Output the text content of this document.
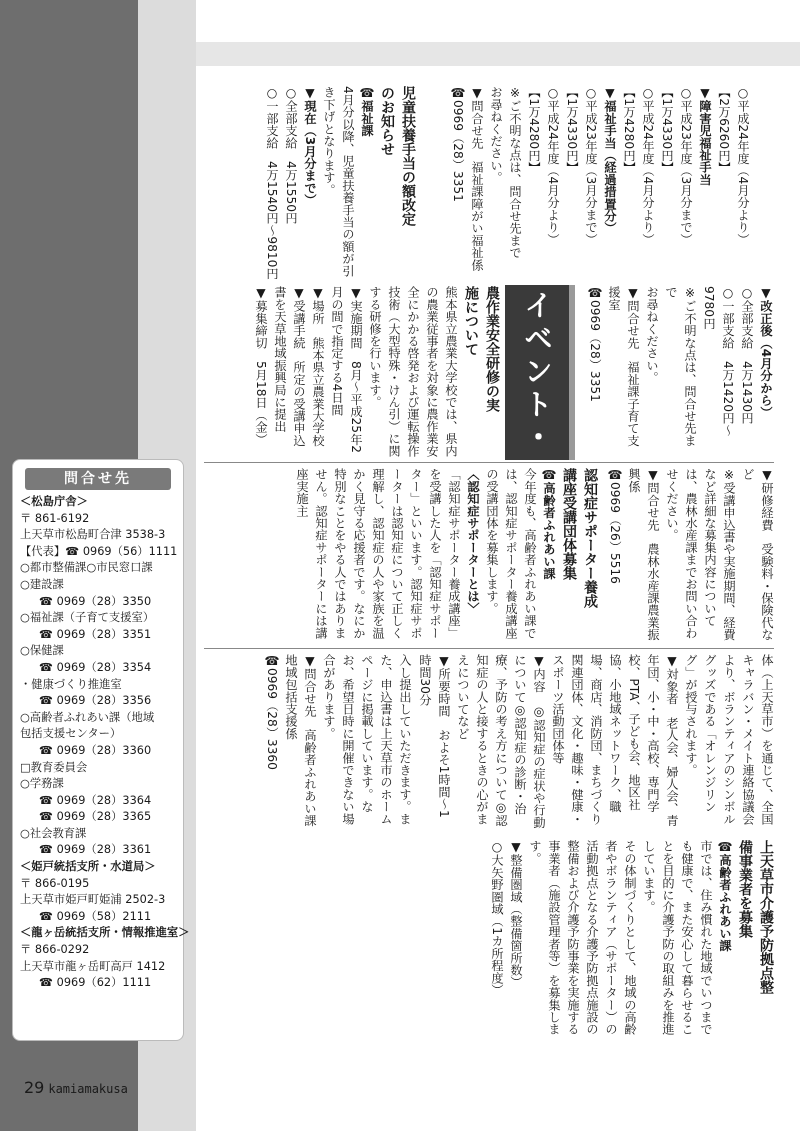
○平成24年度（4月分より）

【2万6260円】

▼障害児福祉手当

○平成23年度（3月分まで）

【1万4330円】

○平成24年度（4月分より）

【1万4280円】

▼福祉手当（経過措置分）

○平成23年度（3月分まで）

【1万4330円】

○平成24年度（4月分より）

【1万4280円】

※ご不明な点は、問合せ先まで

お尋ねください。

▼問合せ先　福祉課障がい福祉係

☎0969（28）3351

児童扶養手当の額改定

のお知らせ

☎福祉課

4月分以降、児童扶養手当の額が引き下げとなります。

▼現在（3月分まで）

○全部支給　4万1550円

○一部支給　4万1540円～9810円

▼改正後（4月分から）

○全部支給　4万1430円

○一部支給　4万1420円～9780円

※ご不明な点は、問合せ先まで

お尋ねください。

▼問合せ先　福祉課子育て支援室

☎0969（28）3351

イベント・募集

農作業安全研修の実

施について

熊本県立農業大学校では、県内の農業従事者を対象に農作業安全にかかる啓発および運転操作技術（大型特殊・けん引）に関する研修を行います。

▼実施期間　8月～平成25年2月の間で指定する4日間

▼場所　熊本県立農業大学校

▼受講手続　所定の受講申込書を天草地域振興局に提出

▼募集締切　5月18日（金）

▼研修経費　受験料・保険代など

※受講申込書や実施期間、経費など詳細な募集内容については、農林水産課までお問い合わせください。

▼問合せ先　農林水産課農業振興係

☎0969（26）5516

認知症サポーター養成

講座受講団体募集

☎高齢者ふれあい課

今年度も、高齢者ふれあい課では、認知症サポーター養成講座の受講団体を募集します。

〈認知症サポーターとは〉

「認知症サポーター養成講座」を受講した人を「認知症サポーター」といいます。認知症サポーターは認知症について正しく理解し、認知症の人や家族を温かく見守る応援者です。なにか特別なことをやる人ではありません。認知症サポーターには講座実施主

体（上天草市）を通じて、全国キャラバン・メイト連絡協議会より、ボランティアのシンボルグッズである「オレンジリング」が授与されます。

▼対象者　老人会、婦人会、青年団、小・中・高校、専門学校、PTA、子ども会、地区社協、小地域ネットワーク、職場、商店、消防団、まちづくり関連団体、文化・趣味・健康・スポーツ活動団体等

▼内容　◎認知症の症状や行動について◎認知症の診断・治療、予防の考え方について◎認知症の人と接するときの心がまえについてなど

▼所要時間　およそ1時間～1時間30分

上天草市介護予防拠点整

備事業者を募集

☎高齢者ふれあい課

市では、住み慣れた地域でいつまでも健康で、また安心して暮らせることを目的に介護予防の取組みを推進しています。

その体制づくりとして、地域の高齢者やボランティア（サポーター）の活動拠点となる介護予防拠点施設の整備および介護予防事業を実施する事業者（施設管理者等）を募集します。

▼整備圏域（整備箇所数）

○大矢野圏域（1カ所程度）

入し提出していただきます。また、申込書は上天草市のホームページに掲載しています。なお、希望日時に開催できない場合があります。

▼問合せ先　高齢者ふれあい課地域包括支援係

☎0969（28）3360

問合せ先
＜松島庁舎＞
〒 861-6192
上天草市松島町合津 3538-3
【代表】☎ 0969（56）1111
○都市整備課○市民窓口課
○建設課
☎ 0969（28）3350
○福祉課（子育て支援室）
☎ 0969（28）3351
○保健課
☎ 0969（28）3354
・健康づくり推進室
☎ 0969（28）3356
○高齢者ふれあい課（地域
包括支援センター）
☎ 0969（28）3360
□教育委員会
○学務課
☎ 0969（28）3364
☎ 0969（28）3365
○社会教育課
☎ 0969（28）3361
＜姫戸統括支所・水道局＞
〒 866-0195
上天草市姫戸町姫浦 2502-3
☎ 0969（58）2111
＜龍ヶ岳統括支所・情報推進室＞
〒 866-0292
上天草市龍ヶ岳町高戸 1412
☎ 0969（62）1111
29 kamiamakusa
